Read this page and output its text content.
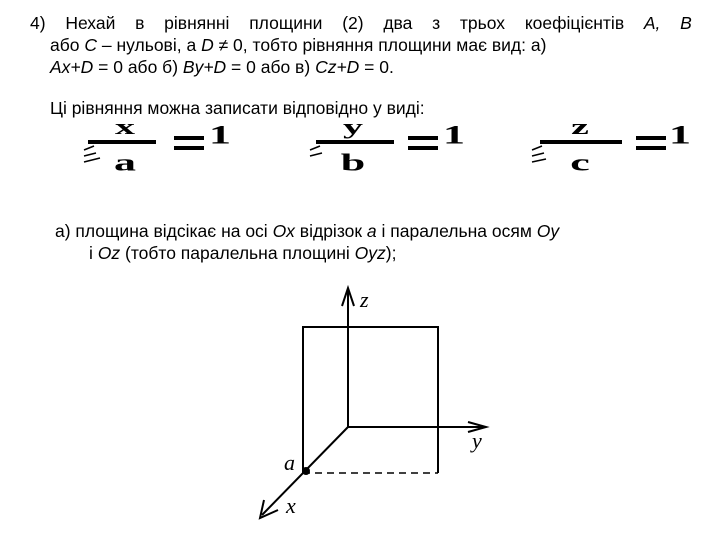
4) Нехай в рівнянні площини (2) два з трьох коефіцієнтів A, B
або C – нульові, а D ≠ 0, тобто рівняння площини має вид: а)
Ax+D = 0 або б) By+D = 0 або в) Cz+D = 0.
Ці рівняння можна записати відповідно у виді:
x
a
1	y
b
1	z
c
1
а) площина відсікає на осі Ox відрізок a і паралельна осям Oy
і Oz (тобто паралельна площині Oyz);
z
y
x
a
